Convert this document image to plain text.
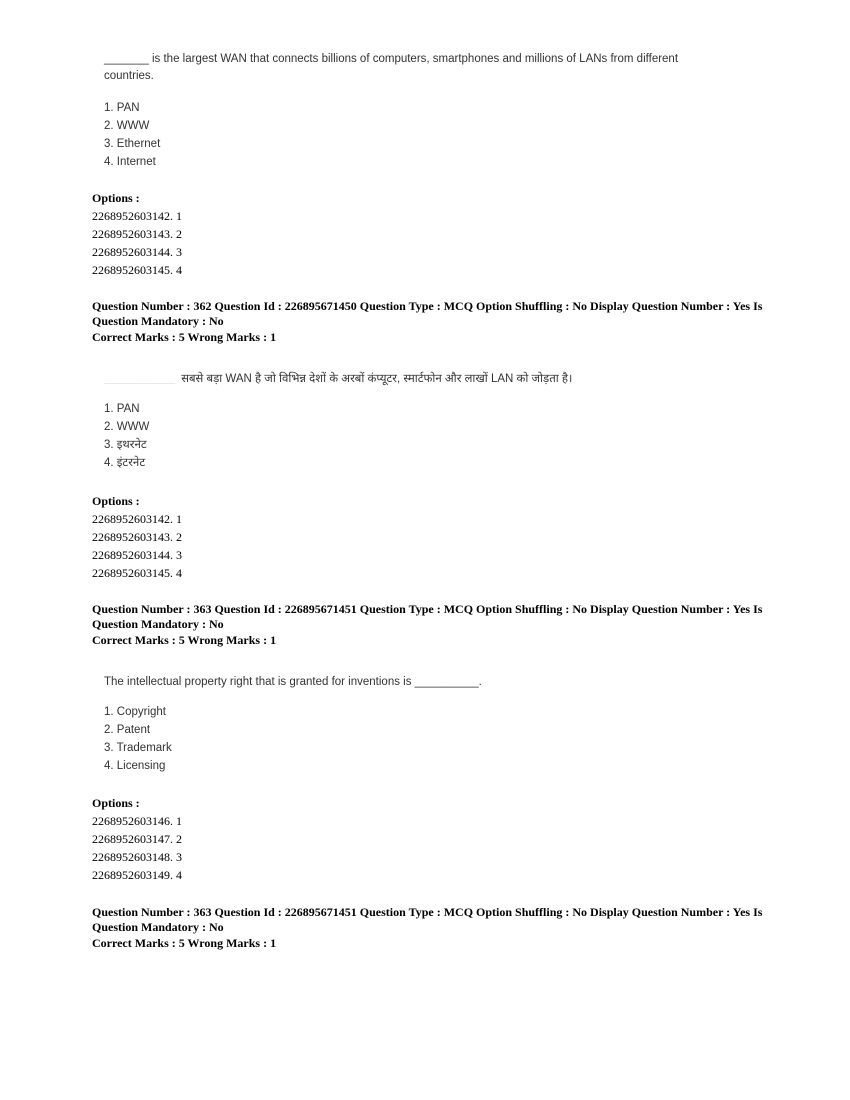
_______ is the largest WAN that connects billions of computers, smartphones and millions of LANs from different
countries.
1. PAN
2. WWW
3. Ethernet
4. Internet
Options :
2268952603142. 1
2268952603143. 2
2268952603144. 3
2268952603145. 4
Question Number : 362 Question Id : 226895671450 Question Type : MCQ Option Shuffling : No Display Question Number : Yes Is
Question Mandatory : No
Correct Marks : 5 Wrong Marks : 1
________________ सबसे बड़ा WAN है जो विभिन्न देशों के अरबों कंप्यूटर, स्मार्टफोन और लाखों LAN को जोड़ता है।
1. PAN
2. WWW
3. इथरनेट
4. इंटरनेट
Options :
2268952603142. 1
2268952603143. 2
2268952603144. 3
2268952603145. 4
Question Number : 363 Question Id : 226895671451 Question Type : MCQ Option Shuffling : No Display Question Number : Yes Is
Question Mandatory : No
Correct Marks : 5 Wrong Marks : 1
The intellectual property right that is granted for inventions is __________.
1. Copyright
2. Patent
3. Trademark
4. Licensing
Options :
2268952603146. 1
2268952603147. 2
2268952603148. 3
2268952603149. 4
Question Number : 363 Question Id : 226895671451 Question Type : MCQ Option Shuffling : No Display Question Number : Yes Is
Question Mandatory : No
Correct Marks : 5 Wrong Marks : 1
